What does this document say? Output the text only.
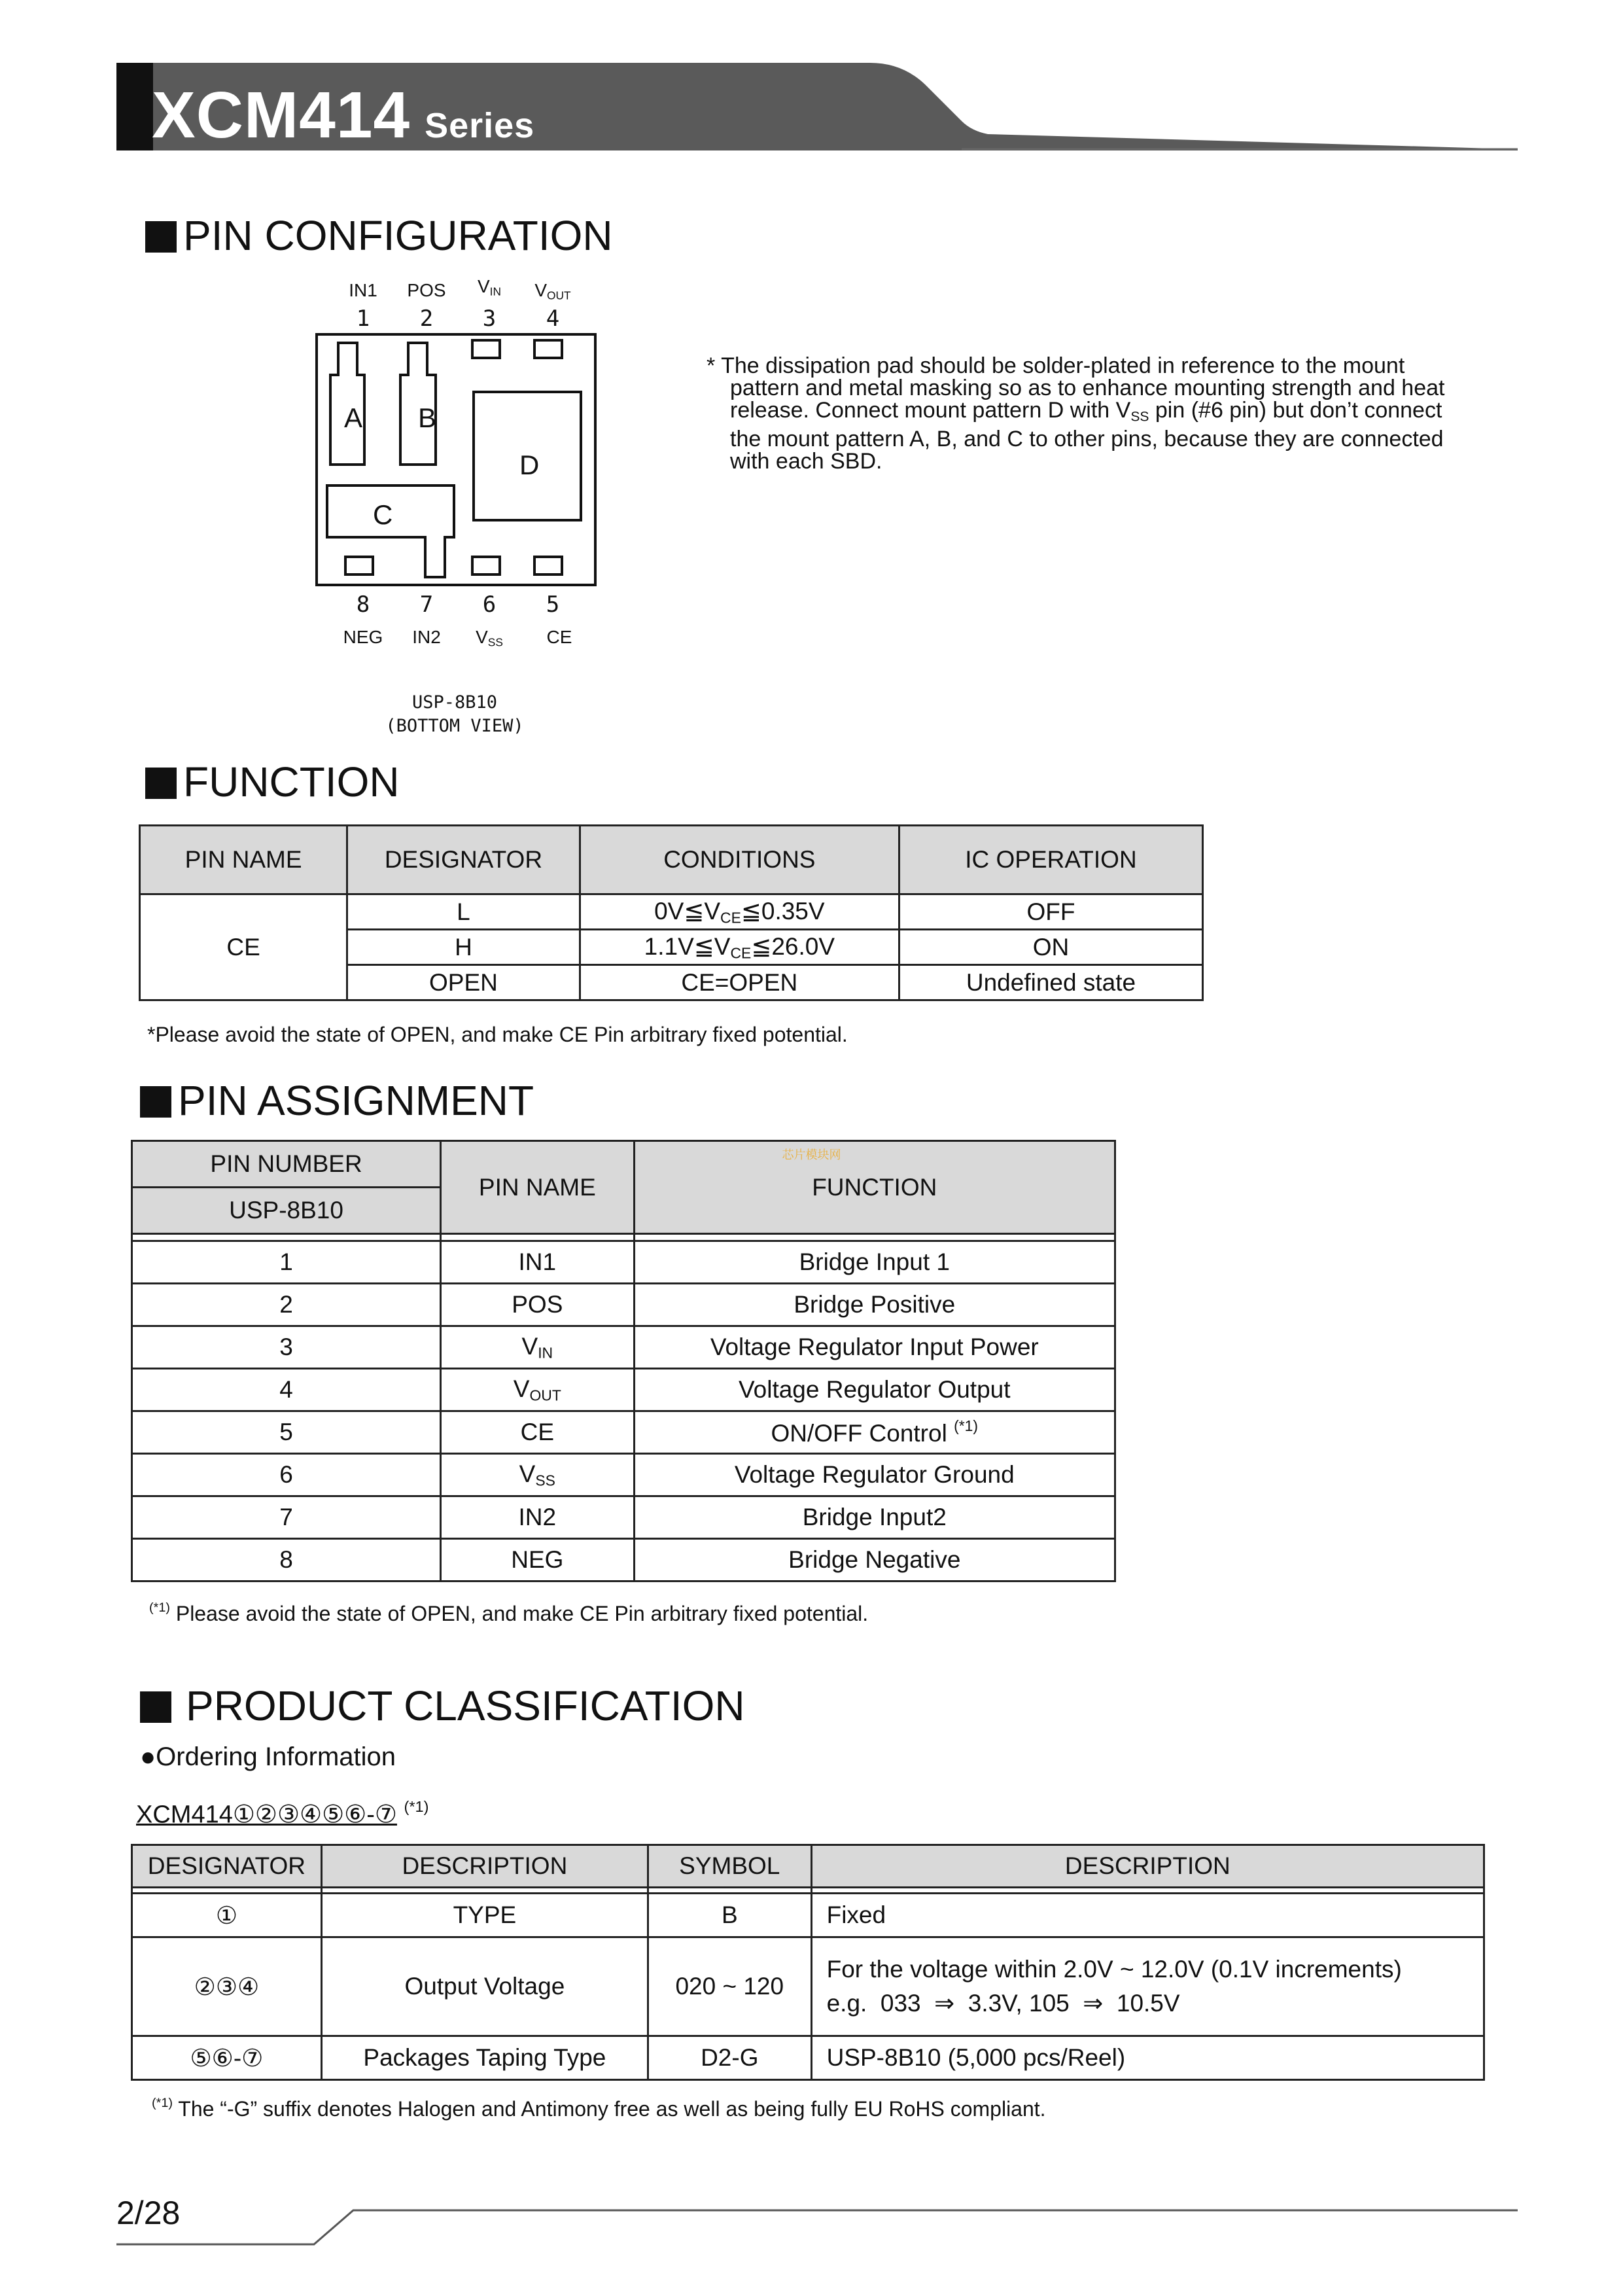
XCM414 Series
PIN CONFIGURATION
IN1	POS	$V_{IN}$	$V_{OUT}$
1	2	3	4
A B
C
D
8	7	6	5
NEG	IN2	$V_{SS}$	CE
USP-8B10
(BOTTOM VIEW)
* The dissipation pad should be solder-plated in reference to the mount
pattern and metal masking so as to enhance mounting strength and heat
release. Connect mount pattern D with $V_{SS}$ pin (#6 pin) but don’t connect
the mount pattern A, B, and C to other pins, because they are connected
with each SBD.
FUNCTION
PIN NAME	DESIGNATOR	CONDITIONS	IC OPERATION
CE	L	$0V≦V_{CE}≦0.35V$	OFF
	H	$1.1V≦V_{CE}≦26.0V$	ON
	OPEN	CE=OPEN	Undefined state
*Please avoid the state of OPEN, and make CE Pin arbitrary fixed potential.
PIN ASSIGNMENT
PIN NUMBER	PIN NAME	芯片模块网
FUNCTION
USP-8B10		

1	IN1	Bridge Input 1
2	POS	Bridge Positive
3	$V_{IN}$	Voltage Regulator Input Power
4	$V_{OUT}$	Voltage Regulator Output
5	CE	ON/OFF Control $^{(*1)}$
6	$V_{SS}$	Voltage Regulator Ground
7	IN2	Bridge Input2
8	NEG	Bridge Negative
$^{(*1)}$ Please avoid the state of OPEN, and make CE Pin arbitrary fixed potential.
PRODUCT CLASSIFICATION
●Ordering Information
XCM414①②③④⑤⑥-⑦ $^{(*1)}$
DESIGNATOR	DESCRIPTION	SYMBOL	DESCRIPTION

①	TYPE	B	Fixed
②③④	Output Voltage	020 ~ 120	For the voltage within 2.0V ~ 12.0V (0.1V increments)
e.g.  033  ⇒  3.3V, 105  ⇒  10.5V

⑤⑥-⑦	Packages Taping Type	D2-G	USP-8B10 (5,000 pcs/Reel)
$^{(*1)}$ The “-G” suffix denotes Halogen and Antimony free as well as being fully EU RoHS compliant.
2/28
